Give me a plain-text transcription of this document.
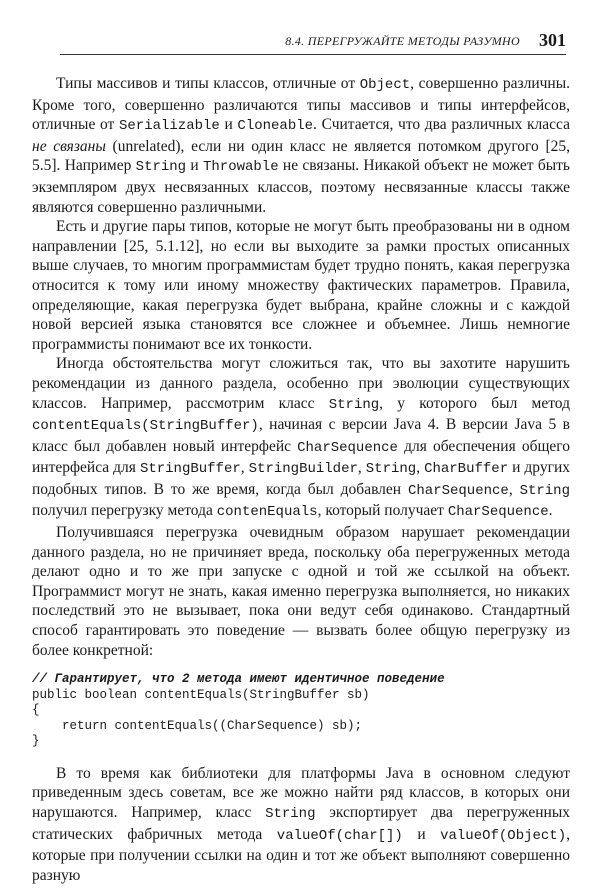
8.4. ПЕРЕГРУЖАЙТЕ МЕТОДЫ РАЗУМНО 301

Типы массивов и типы классов, отличные от Object, совершенно различны. Кроме того, совершенно различаются типы массивов и типы интерфейсов, отличные от Serializable и Cloneable. Считается, что два различных класса не связаны (unrelated), если ни один класс не является потомком другого [25, 5.5]. Например String и Throwable не связаны. Никакой объект не может быть экземпляром двух несвязанных классов, поэтому несвязанные классы также являются совершенно различными.

Есть и другие пары типов, которые не могут быть преобразованы ни в одном направлении [25, 5.1.12], но если вы выходите за рамки простых описанных выше случаев, то многим программистам будет трудно понять, какая перегрузка относится к тому или иному множеству фактических параметров. Правила, определяющие, какая перегрузка будет выбрана, крайне сложны и с каждой новой версией языка становятся все сложнее и объемнее. Лишь немногие программисты понимают все их тонкости.

Иногда обстоятельства могут сложиться так, что вы захотите нарушить рекомендации из данного раздела, особенно при эволюции существующих классов. Например, рассмотрим класс String, у которого был метод contentEquals(StringBuffer), начиная с версии Java 4. В версии Java 5 в класс был добавлен новый интерфейс CharSequence для обеспечения общего интерфейса для StringBuffer, StringBuilder, String, CharBuffer и других подобных типов. В то же время, когда был добавлен CharSequence, String получил перегрузку метода contenEquals, который получает CharSequence.

Получившаяся перегрузка очевидным образом нарушает рекомендации данного раздела, но не причиняет вреда, поскольку оба перегруженных метода делают одно и то же при запуске с одной и той же ссылкой на объект. Программист могут не знать, какая именно перегрузка выполняется, но никаких последствий это не вызывает, пока они ведут себя одинаково. Стандартный способ гарантировать это поведение — вызвать более общую перегрузку из более конкретной:

// Гарантирует, что 2 метода имеют идентичное поведение
public boolean contentEquals(StringBuffer sb)
{
return contentEquals((CharSequence) sb);
}

В то время как библиотеки для платформы Java в основном следуют приведенным здесь советам, все же можно найти ряд классов, в которых они нарушаются. Например, класс String экспортирует два перегруженных статических фабричных метода valueOf(char[]) и valueOf(Object), которые при получении ссылки на один и тот же объект выполняют совершенно разную
